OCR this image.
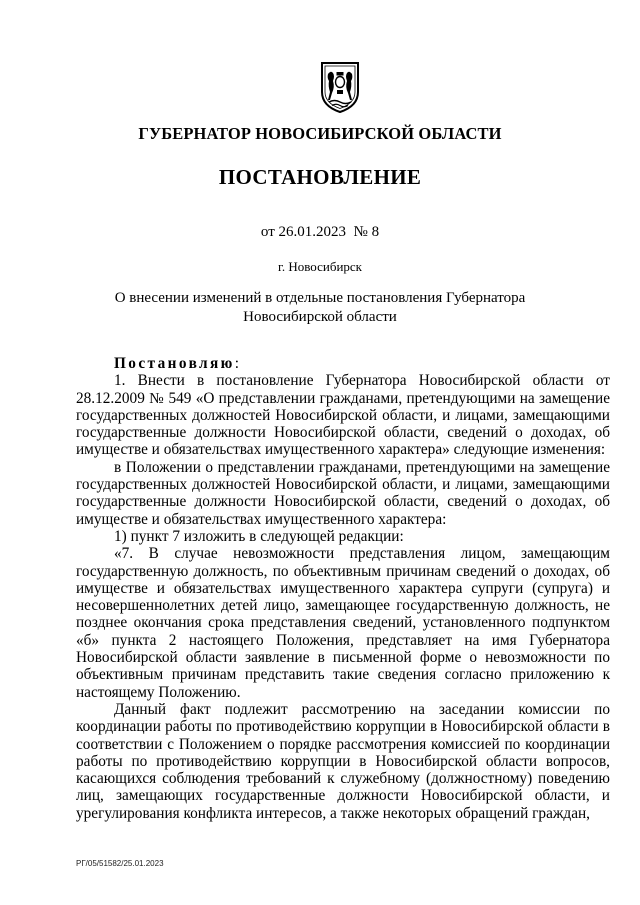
ГУБЕРНАТОР НОВОСИБИРСКОЙ ОБЛАСТИ
ПОСТАНОВЛЕНИЕ
от 26.01.2023  № 8
г. Новосибирск
О внесении изменений в отдельные постановления Губернатора
Новосибирской области

Постановляю:

1. Внести в постановление Губернатора Новосибирской области от 28.12.2009 № 549 «О представлении гражданами, претендующими на замещение государственных должностей Новосибирской области, и лицами, замещающими государственные должности Новосибирской области, сведений о доходах, об имуществе и обязательствах имущественного характера» следующие изменения:

в Положении о представлении гражданами, претендующими на замещение государственных должностей Новосибирской области, и лицами, замещающими государственные должности Новосибирской области, сведений о доходах, об имуществе и обязательствах имущественного характера:

1) пункт 7 изложить в следующей редакции:

«7. В случае невозможности представления лицом, замещающим государственную должность, по объективным причинам сведений о доходах, об имуществе и обязательствах имущественного характера супруги (супруга) и несовершеннолетних детей лицо, замещающее государственную должность, не позднее окончания срока представления сведений, установленного подпунктом «б» пункта 2 настоящего Положения, представляет на имя Губернатора Новосибирской области заявление в письменной форме о невозможности по объективным причинам представить такие сведения согласно приложению к настоящему Положению.

Данный факт подлежит рассмотрению на заседании комиссии по координации работы по противодействию коррупции в Новосибирской области в соответствии с Положением о порядке рассмотрения комиссией по координации работы по противодействию коррупции в Новосибирской области вопросов, касающихся соблюдения требований к служебному (должностному) поведению лиц, замещающих государственные должности Новосибирской области, и урегулирования конфликта интересов, а также некоторых обращений граждан,

РГ/05/51582/25.01.2023
